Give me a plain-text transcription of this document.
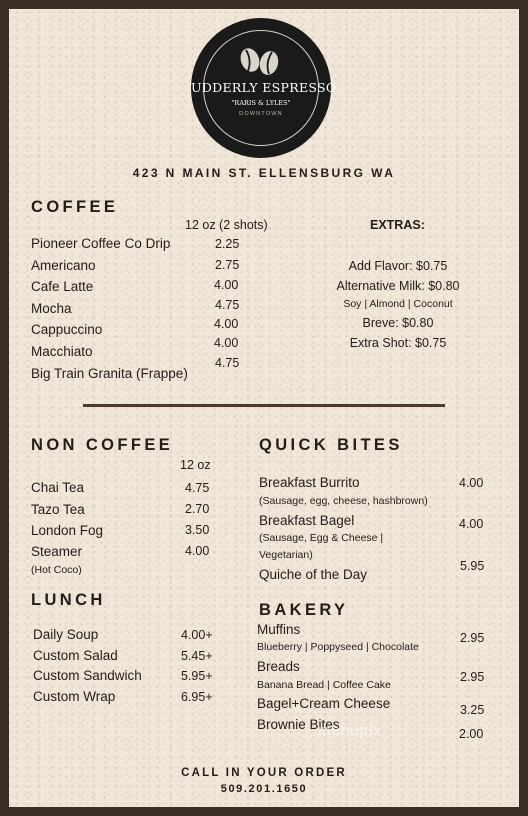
UDDERLY ESPRESSO
"RARIS & LYLES"
DOWNTOWN
423 N MAIN ST. ELLENSBURG WA
COFFEE
12 oz (2 shots)
Pioneer Coffee Co Drip	2.25
Americano	2.75
Cafe Latte	4.00
Mocha	4.75
Cappuccino	4.00
Macchiato
4.00
Big Train Granita (Frappe)
4.75
EXTRAS:
Add Flavor: $0.75
Alternative Milk: $0.80
Soy | Almond | Coconut
Breve: $0.80
Extra Shot: $0.75
NON COFFEE
12 oz
Chai Tea	4.75
Tazo Tea	2.70
London Fog	3.50
Steamer	4.00
(Hot Coco)
LUNCH
Daily Soup	4.00+
Custom Salad	5.45+
Custom Sandwich	5.95+
Custom Wrap	6.95+
QUICK BITES
Breakfast Burrito
(Sausage, egg, cheese, hashbrown)
4.00
Breakfast Bagel
(Sausage, Egg & Cheese |
Vegetarian)
4.00
Quiche of the Day
5.95
BAKERY
Muffins
Blueberry | Poppyseed | Chocolate
2.95
Breads
Banana Bread | Coffee Cake
2.95
Bagel+Cream Cheese	3.25
Brownie Bites
2.00
menupix
CALL IN YOUR ORDER
509.201.1650
